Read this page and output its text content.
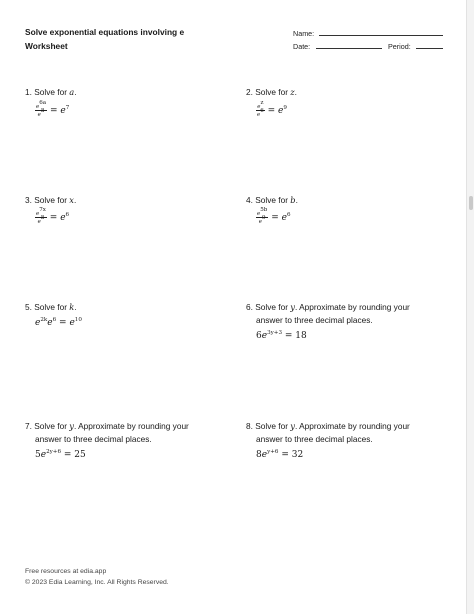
Solve exponential equations involving e
Worksheet
Name:
Date:	Period:
1. Solve for a.
$\frac{e^{6a}}{e^8} = e^7$
2. Solve for z.
$\frac{e^z}{e^6} = e^9$
3. Solve for x.
$\frac{e^{7x}}{e^8} = e^6$
4. Solve for b.
$\frac{e^{5b}}{e^9} = e^6$
5. Solve for k.
$e^{2k}e^6 = e^{10}$
6. Solve for y. Approximate by rounding your
answer to three decimal places.
$6e^{3y+3} = 18$
7. Solve for y. Approximate by rounding your
answer to three decimal places.
$5e^{2y+6} = 25$
8. Solve for y. Approximate by rounding your
answer to three decimal places.
$8e^{y+6} = 32$
Free resources at edia.app
© 2023 Edia Learning, Inc. All Rights Reserved.
